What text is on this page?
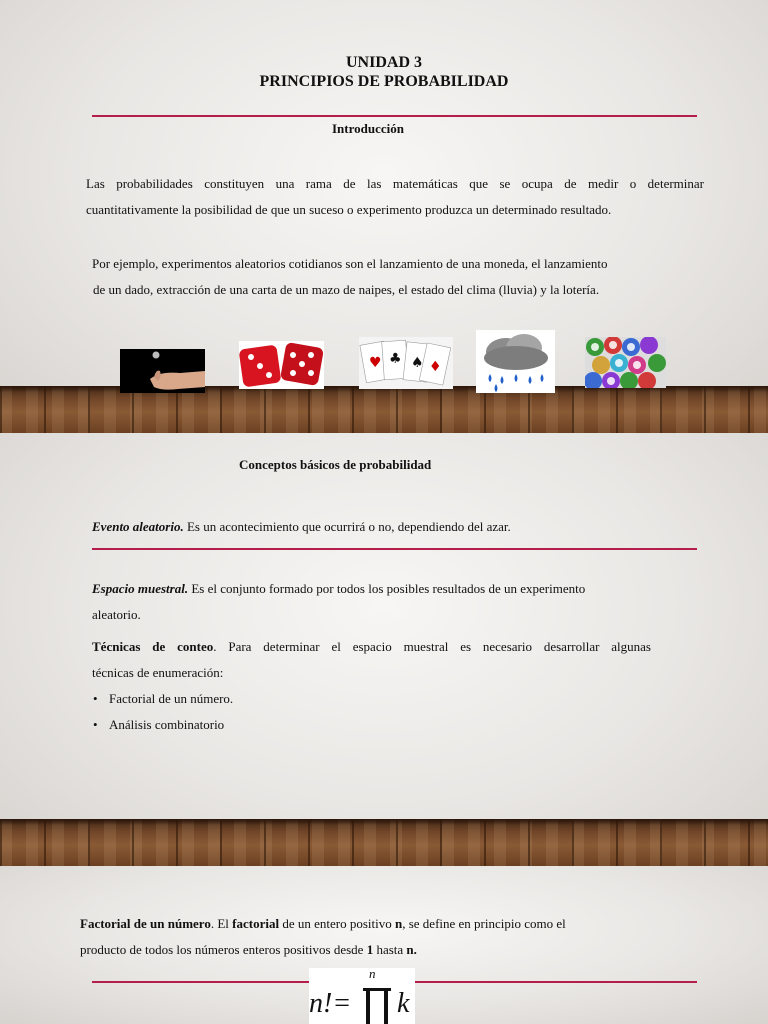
UNIDAD 3
PRINCIPIOS DE PROBABILIDAD
Introducción
Las probabilidades constituyen una rama de las matemáticas que se ocupa de medir o determinar
cuantitativamente la posibilidad de que un suceso o experimento produzca un determinado resultado.
Por ejemplo, experimentos aleatorios cotidianos son el lanzamiento de una moneda, el lanzamiento
de un dado, extracción de una carta de un mazo de naipes, el estado del clima (lluvia) y la lotería.
♥ ♣ ♠ ♦
Conceptos básicos de probabilidad
Evento aleatorio. Es un acontecimiento que ocurrirá o no, dependiendo del azar.
Espacio muestral. Es el conjunto formado por todos los posibles resultados de un experimento
aleatorio.
Técnicas de conteo. Para determinar el espacio muestral es necesario desarrollar algunas
técnicas de enumeración:
• Factorial de un número.
• Análisis combinatorio
Factorial de un número. El factorial de un entero positivo n, se define en principio como el
producto de todos los números enteros positivos desde 1 hasta n.
n!=
n
k
